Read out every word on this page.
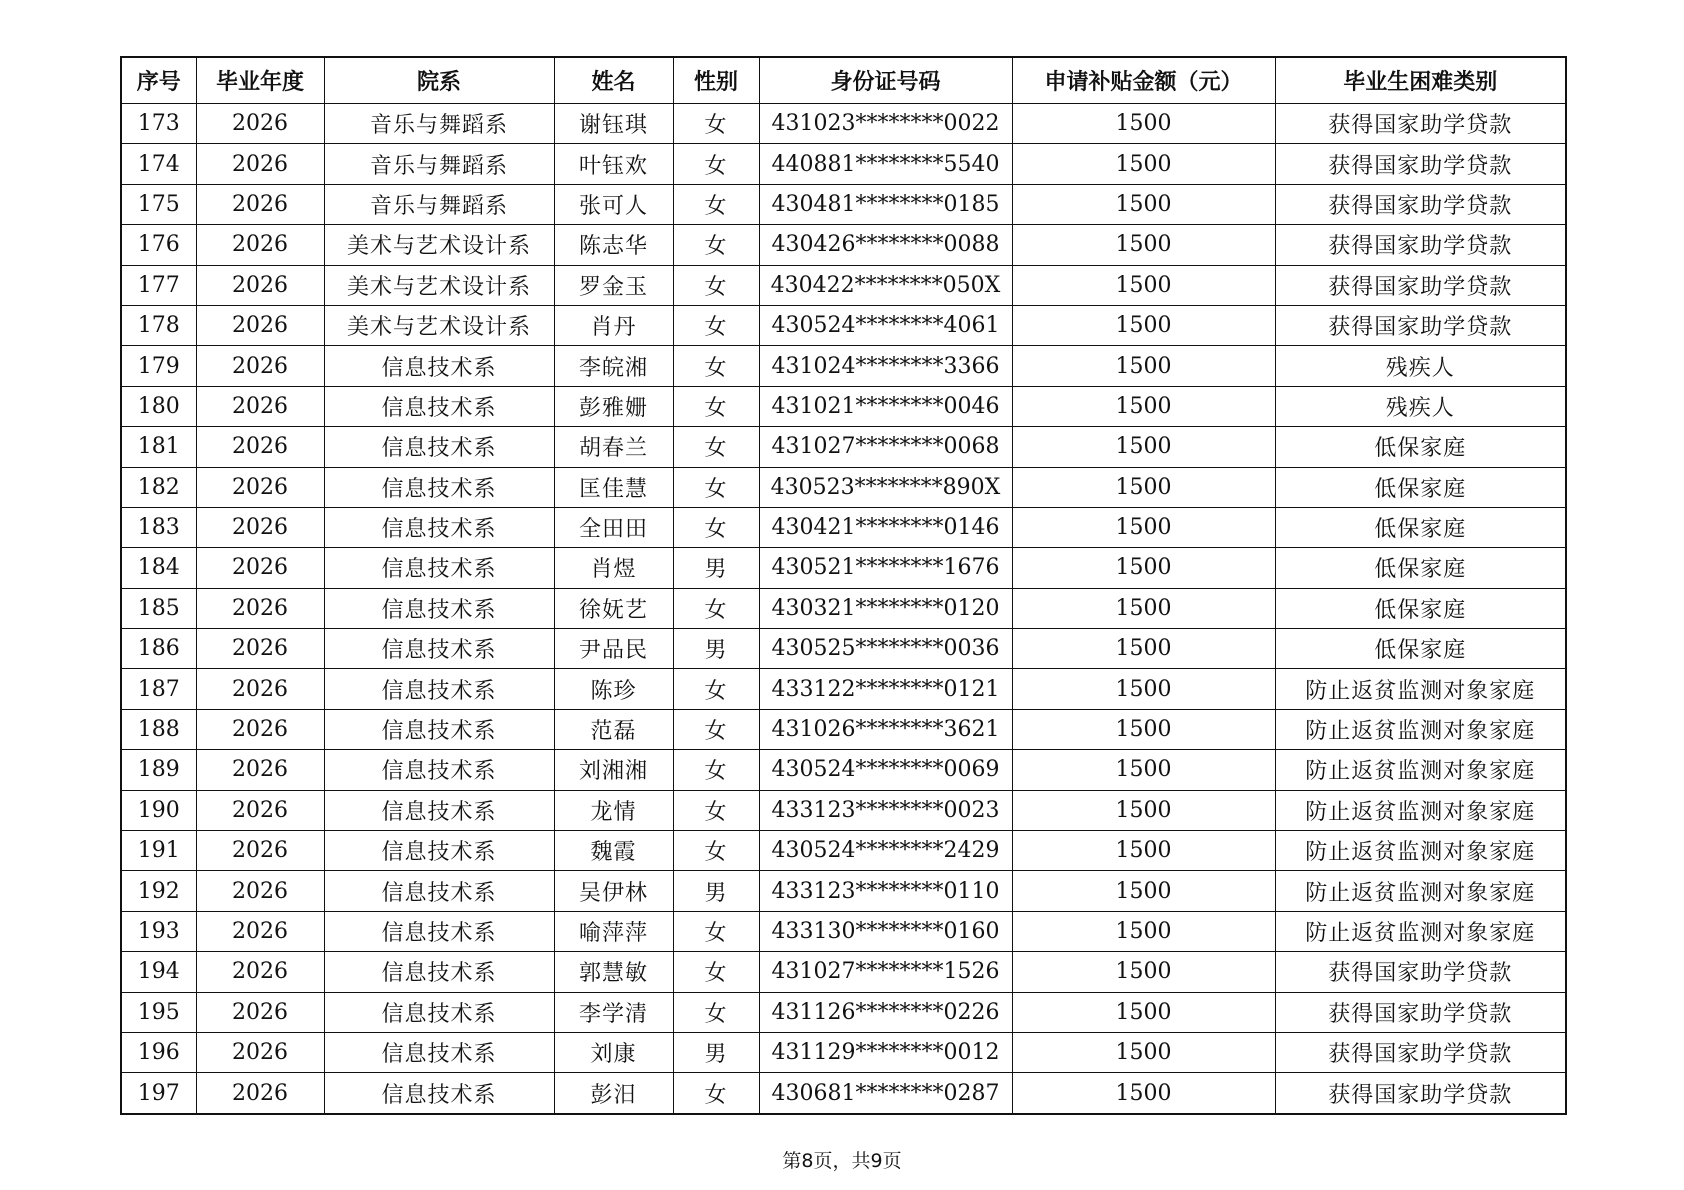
序号	毕业年度	院系	姓名	性别	身份证号码	申请补贴金额（元）	毕业生困难类别
173	2026	音乐与舞蹈系	谢钰琪	女	431023********0022	1500	获得国家助学贷款
174	2026	音乐与舞蹈系	叶钰欢	女	440881********5540	1500	获得国家助学贷款
175	2026	音乐与舞蹈系	张可人	女	430481********0185	1500	获得国家助学贷款
176	2026	美术与艺术设计系	陈志华	女	430426********0088	1500	获得国家助学贷款
177	2026	美术与艺术设计系	罗金玉	女	430422********050X	1500	获得国家助学贷款
178	2026	美术与艺术设计系	肖丹	女	430524********4061	1500	获得国家助学贷款
179	2026	信息技术系	李皖湘	女	431024********3366	1500	残疾人
180	2026	信息技术系	彭雅姗	女	431021********0046	1500	残疾人
181	2026	信息技术系	胡春兰	女	431027********0068	1500	低保家庭
182	2026	信息技术系	匡佳慧	女	430523********890X	1500	低保家庭
183	2026	信息技术系	全田田	女	430421********0146	1500	低保家庭
184	2026	信息技术系	肖煜	男	430521********1676	1500	低保家庭
185	2026	信息技术系	徐妩艺	女	430321********0120	1500	低保家庭
186	2026	信息技术系	尹品民	男	430525********0036	1500	低保家庭
187	2026	信息技术系	陈珍	女	433122********0121	1500	防止返贫监测对象家庭
188	2026	信息技术系	范磊	女	431026********3621	1500	防止返贫监测对象家庭
189	2026	信息技术系	刘湘湘	女	430524********0069	1500	防止返贫监测对象家庭
190	2026	信息技术系	龙情	女	433123********0023	1500	防止返贫监测对象家庭
191	2026	信息技术系	魏霞	女	430524********2429	1500	防止返贫监测对象家庭
192	2026	信息技术系	吴伊林	男	433123********0110	1500	防止返贫监测对象家庭
193	2026	信息技术系	喻萍萍	女	433130********0160	1500	防止返贫监测对象家庭
194	2026	信息技术系	郭慧敏	女	431027********1526	1500	获得国家助学贷款
195	2026	信息技术系	李学清	女	431126********0226	1500	获得国家助学贷款
196	2026	信息技术系	刘康	男	431129********0012	1500	获得国家助学贷款
197	2026	信息技术系	彭汨	女	430681********0287	1500	获得国家助学贷款
第8页，共9页
